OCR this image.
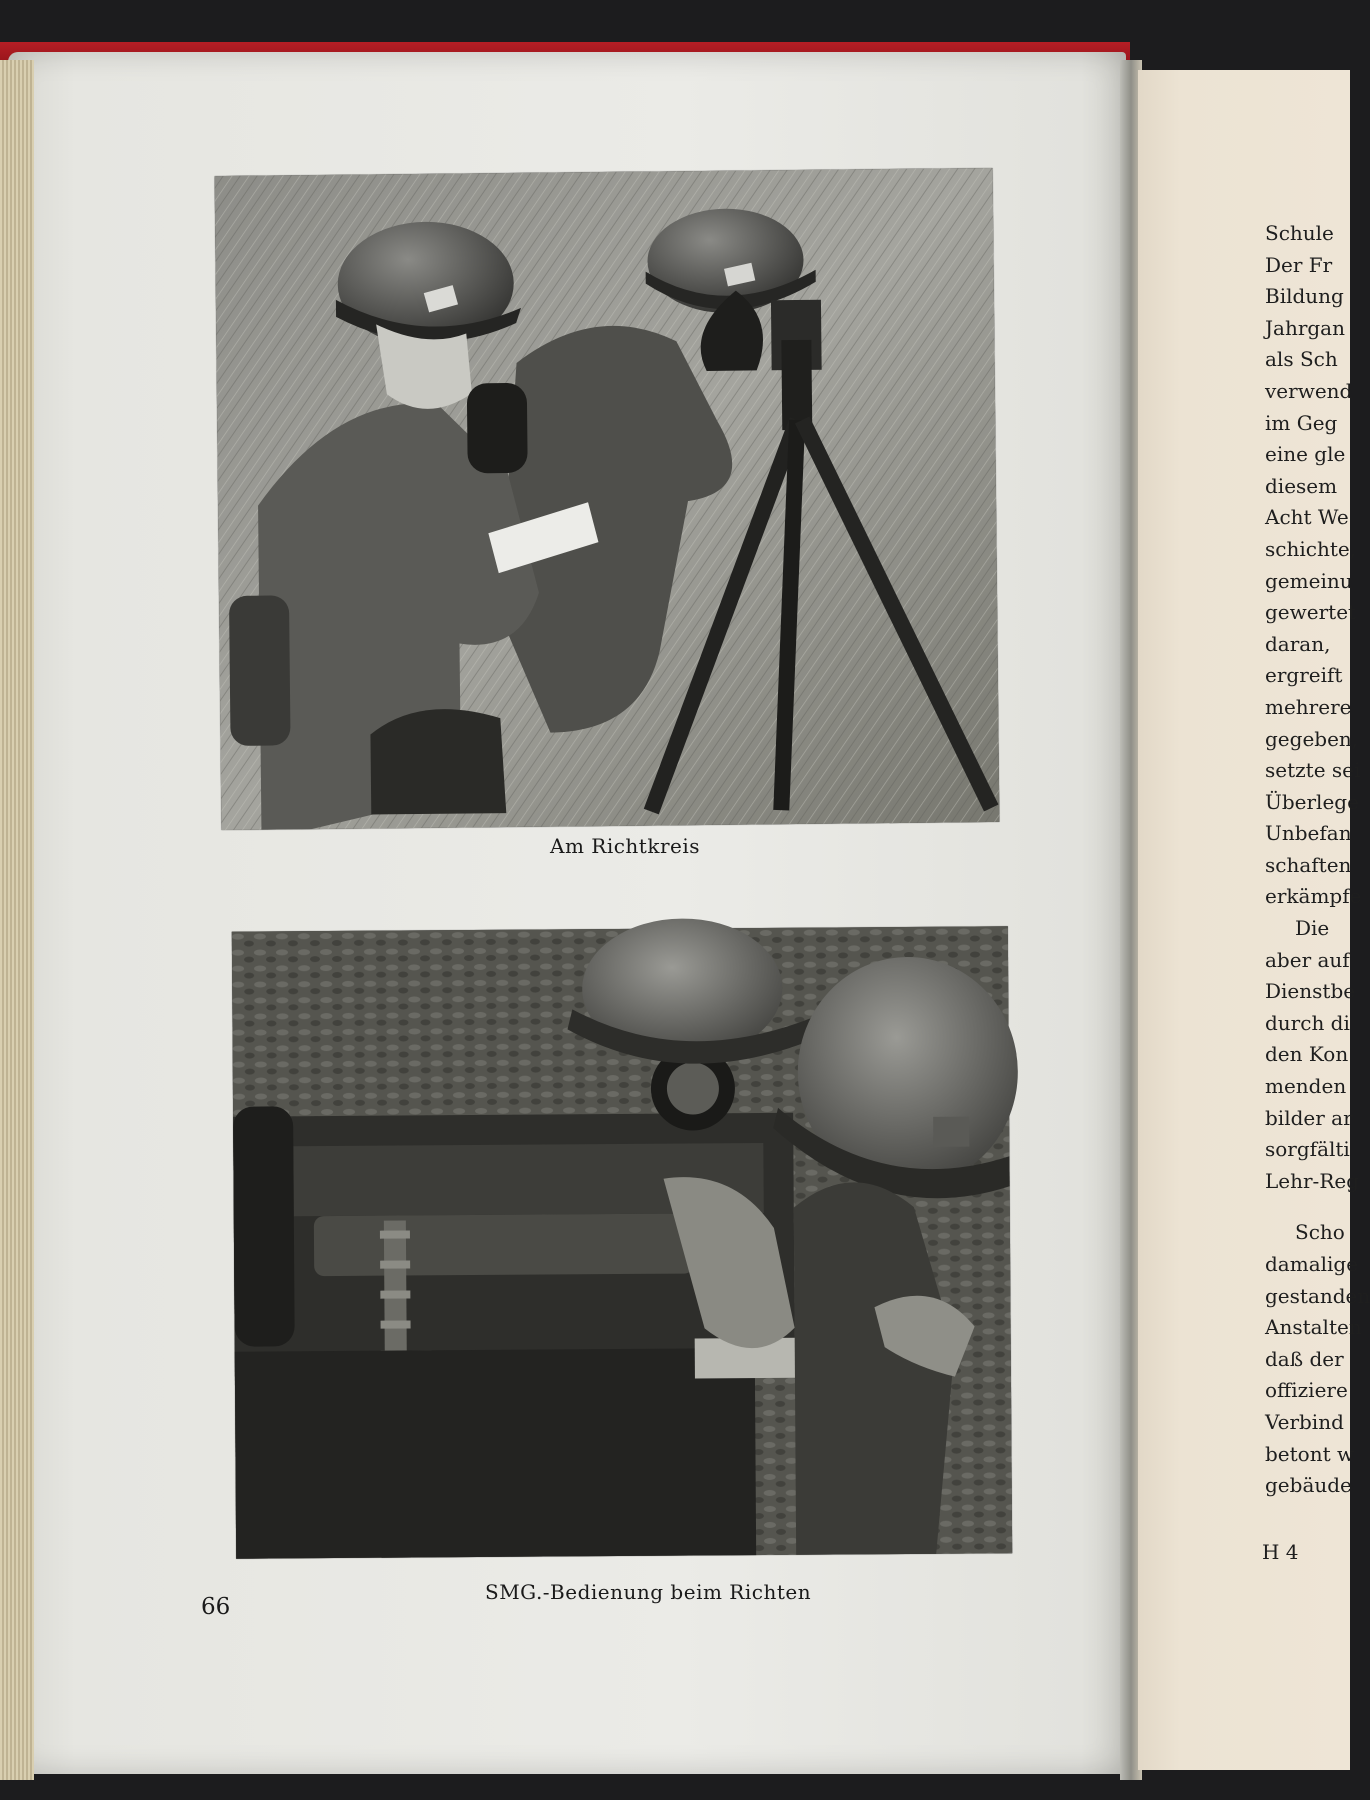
Am Richtkreis
SMG.-Bedienung beim Richten
66
Schule
Der Fr
Bildung
Jahrgan
als Sch
verwend
im Geg
eine gle
diesem
Acht We
schichte,
gemeinu
gewertet
daran,
ergreift
mehrere
gegeben,
setzte sei
Überlege
Unbefan
schaften
erkämpfe
Die
aber auf
Dienstbe
durch di
den Kon
menden
bilder ar
sorgfälti
Lehr-Reg
Scho
damalige
gestanden
Anstalten
daß der
offiziere
Verbind
betont w
gebäude
H 4
